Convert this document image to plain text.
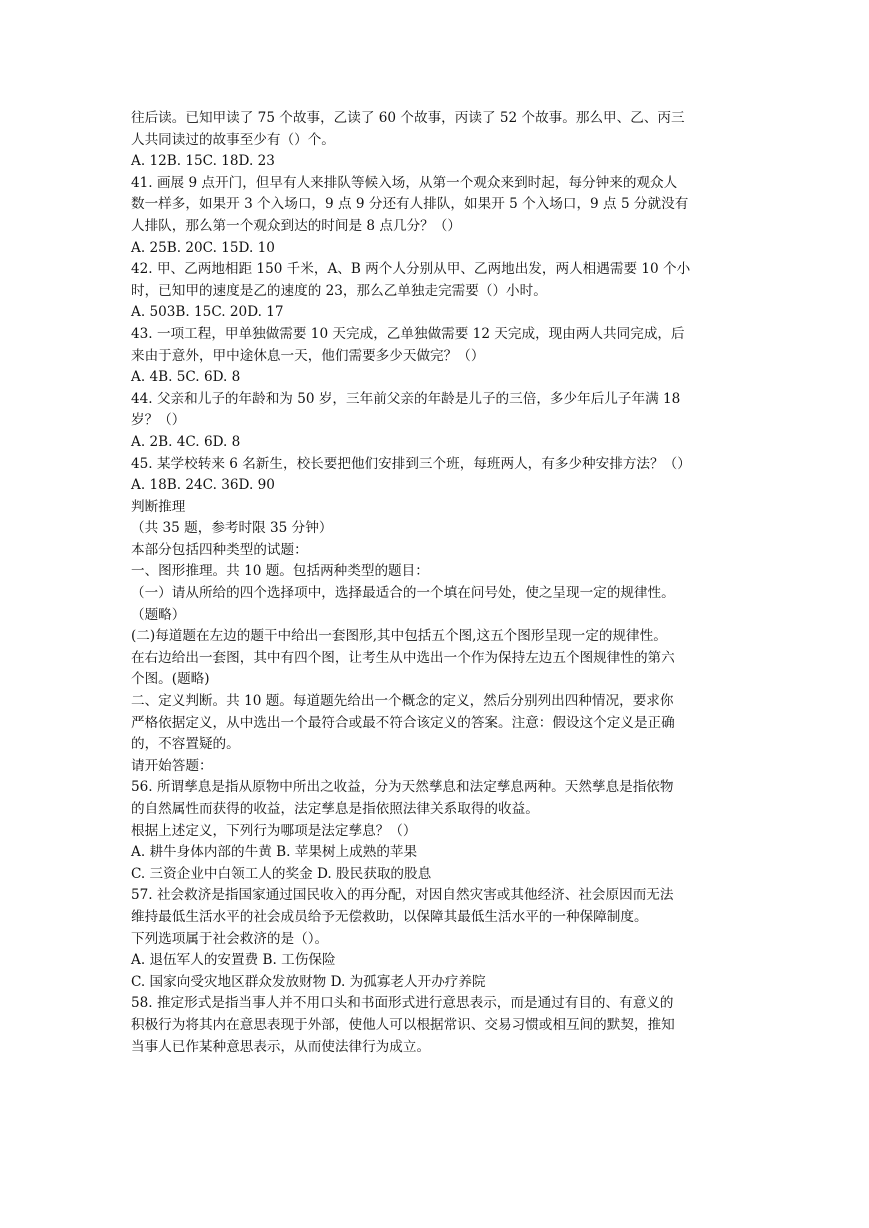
往后读。已知甲读了 75 个故事，乙读了 60 个故事，丙读了 52 个故事。那么甲、乙、丙三

人共同读过的故事至少有（）个。

A. 12B. 15C. 18D. 23

41. 画展 9 点开门，但早有人来排队等候入场，从第一个观众来到时起，每分钟来的观众人

数一样多，如果开 3 个入场口，9 点 9 分还有人排队，如果开 5 个入场口，9 点 5 分就没有

人排队，那么第一个观众到达的时间是 8 点几分？（）

A. 25B. 20C. 15D. 10

42. 甲、乙两地相距 150 千米，A、B 两个人分别从甲、乙两地出发，两人相遇需要 10 个小

时，已知甲的速度是乙的速度的 23，那么乙单独走完需要（）小时。

A. 503B. 15C. 20D. 17

43. 一项工程，甲单独做需要 10 天完成，乙单独做需要 12 天完成，现由两人共同完成，后

来由于意外，甲中途休息一天，他们需要多少天做完？（）

A. 4B. 5C. 6D. 8

44. 父亲和儿子的年龄和为 50 岁，三年前父亲的年龄是儿子的三倍，多少年后儿子年满 18

岁？（）

A. 2B. 4C. 6D. 8

45. 某学校转来 6 名新生，校长要把他们安排到三个班，每班两人，有多少种安排方法？（）

A. 18B. 24C. 36D. 90

判断推理

（共 35 题，参考时限 35 分钟）

本部分包括四种类型的试题：

一、图形推理。共 10 题。包括两种类型的题目：

（一）请从所给的四个选择项中，选择最适合的一个填在问号处，使之呈现一定的规律性。

（题略）

(二)每道题在左边的题干中给出一套图形,其中包括五个图,这五个图形呈现一定的规律性。

在右边给出一套图，其中有四个图，让考生从中选出一个作为保持左边五个图规律性的第六

个图。(题略)

二、定义判断。共 10 题。每道题先给出一个概念的定义，然后分别列出四种情况，要求你

严格依据定义，从中选出一个最符合或最不符合该定义的答案。注意：假设这个定义是正确

的，不容置疑的。

请开始答题：

56. 所谓孳息是指从原物中所出之收益，分为天然孳息和法定孳息两种。天然孳息是指依物

的自然属性而获得的收益，法定孳息是指依照法律关系取得的收益。

根据上述定义，下列行为哪项是法定孳息？（）

A. 耕牛身体内部的牛黄 B. 苹果树上成熟的苹果

C. 三资企业中白领工人的奖金 D. 股民获取的股息

57. 社会救济是指国家通过国民收入的再分配，对因自然灾害或其他经济、社会原因而无法

维持最低生活水平的社会成员给予无偿救助，以保障其最低生活水平的一种保障制度。

下列选项属于社会救济的是（）。

A. 退伍军人的安置费 B. 工伤保险

C. 国家向受灾地区群众发放财物 D. 为孤寡老人开办疗养院

58. 推定形式是指当事人并不用口头和书面形式进行意思表示，而是通过有目的、有意义的

积极行为将其内在意思表现于外部，使他人可以根据常识、交易习惯或相互间的默契，推知

当事人已作某种意思表示，从而使法律行为成立。
